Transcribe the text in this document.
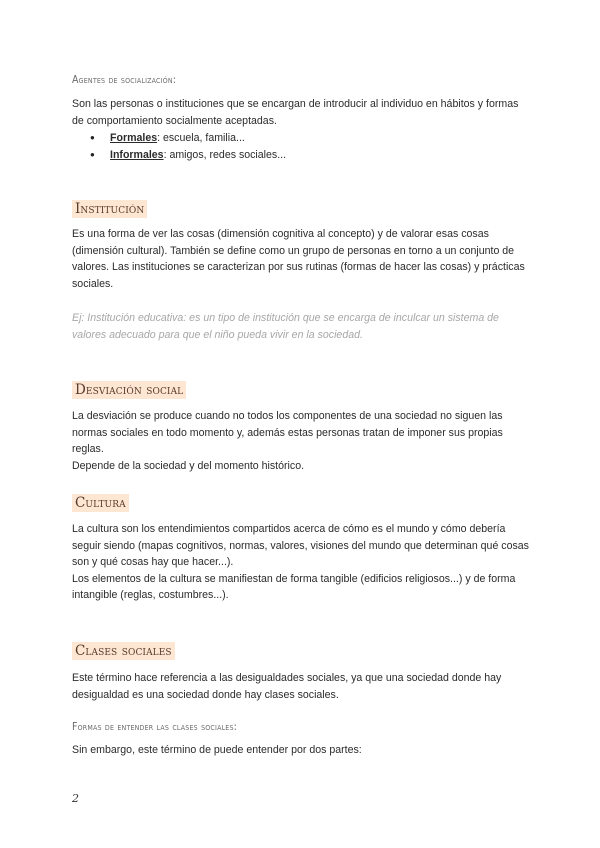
Agentes de socialización:
Son las personas o instituciones que se encargan de introducir al individuo en hábitos y formas
de comportamiento socialmente aceptadas.
● Formales: escuela, familia...
● Informales: amigos, redes sociales...
Institución
Es una forma de ver las cosas (dimensión cognitiva al concepto) y de valorar esas cosas
(dimensión cultural). También se define como un grupo de personas en torno a un conjunto de
valores. Las instituciones se caracterizan por sus rutinas (formas de hacer las cosas) y prácticas
sociales.
Ej: Institución educativa: es un tipo de institución que se encarga de inculcar un sistema de
valores adecuado para que el niño pueda vivir en la sociedad.
Desviación social
La desviación se produce cuando no todos los componentes de una sociedad no siguen las
normas sociales en todo momento y, además estas personas tratan de imponer sus propias
reglas.
Depende de la sociedad y del momento histórico.
Cultura
La cultura son los entendimientos compartidos acerca de cómo es el mundo y cómo debería
seguir siendo (mapas cognitivos, normas, valores, visiones del mundo que determinan qué cosas
son y qué cosas hay que hacer...).
Los elementos de la cultura se manifiestan de forma tangible (edificios religiosos...) y de forma
intangible (reglas, costumbres...).
Clases sociales
Este término hace referencia a las desigualdades sociales, ya que una sociedad donde hay
desigualdad es una sociedad donde hay clases sociales.
Formas de entender las clases sociales:
Sin embargo, este término de puede entender por dos partes:
2
